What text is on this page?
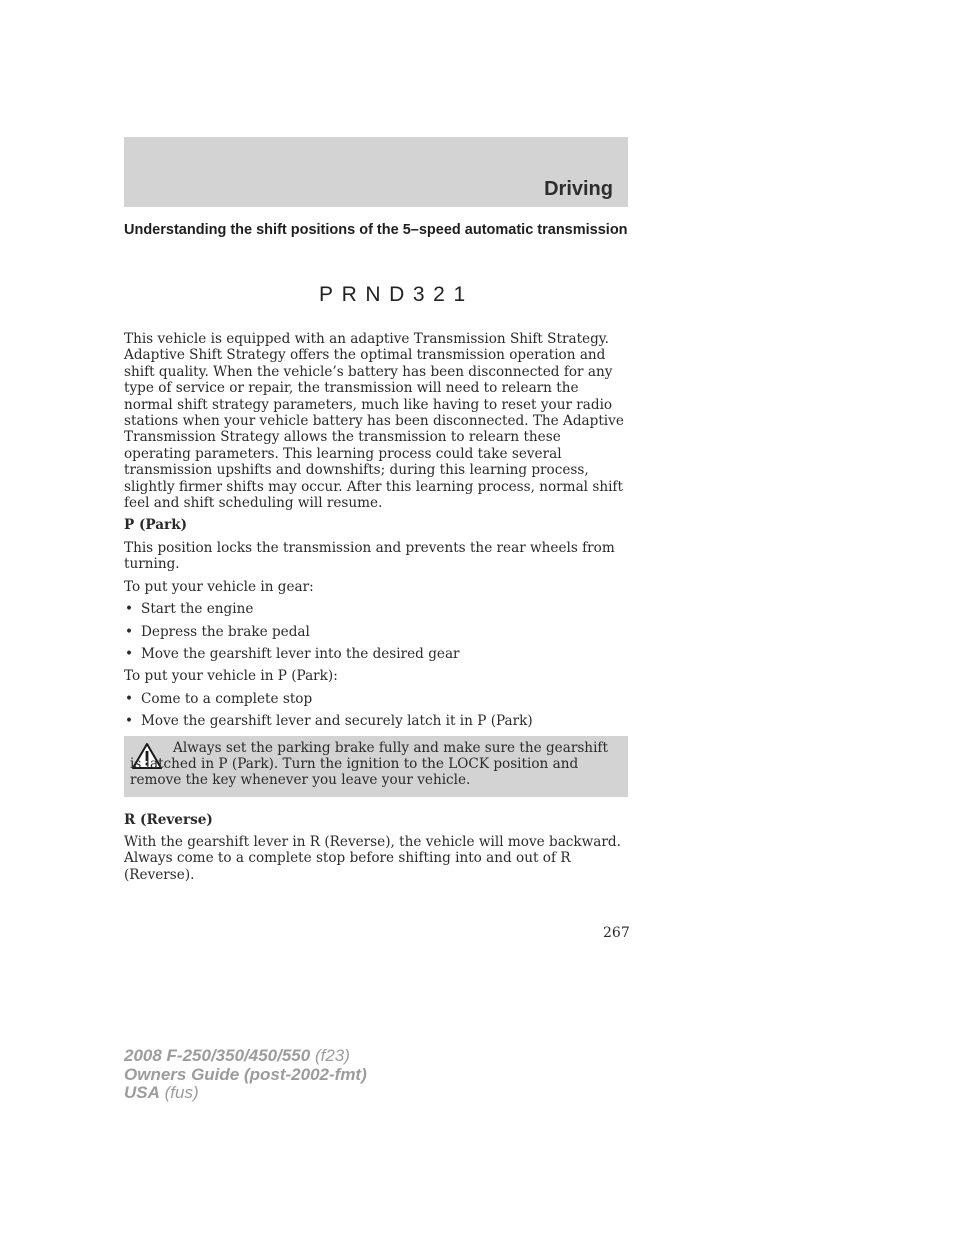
Driving
Understanding the shift positions of the 5–speed automatic transmission
PRND321

This vehicle is equipped with an adaptive Transmission Shift Strategy. Adaptive Shift Strategy offers the optimal transmission operation and shift quality. When the vehicle’s battery has been disconnected for any type of service or repair, the transmission will need to relearn the normal shift strategy parameters, much like having to reset your radio stations when your vehicle battery has been disconnected. The Adaptive Transmission Strategy allows the transmission to relearn these operating parameters. This learning process could take several transmission upshifts and downshifts; during this learning process, slightly firmer shifts may occur. After this learning process, normal shift feel and shift scheduling will resume.

P (Park)

This position locks the transmission and prevents the rear wheels from turning.

To put your vehicle in gear:

• Start the engine
• Depress the brake pedal
• Move the gearshift lever into the desired gear

To put your vehicle in P (Park):

• Come to a complete stop
• Move the gearshift lever and securely latch it in P (Park)

Always set the parking brake fully and make sure the gearshift is latched in P (Park). Turn the ignition to the LOCK position and remove the key whenever you leave your vehicle.

R (Reverse)

With the gearshift lever in R (Reverse), the vehicle will move backward. Always come to a complete stop before shifting into and out of R (Reverse).

267
2008 F-250/350/450/550 (f23)
Owners Guide (post-2002-fmt)
USA (fus)
